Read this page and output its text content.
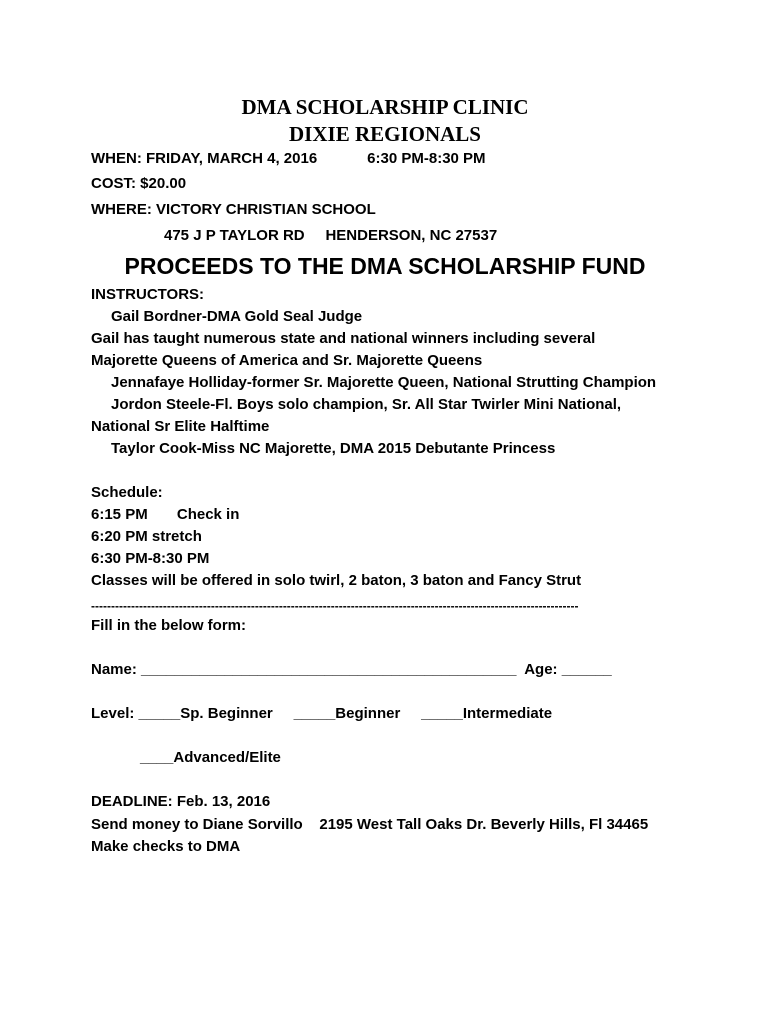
DMA SCHOLARSHIP CLINIC
DIXIE REGIONALS
WHEN: FRIDAY, MARCH 4, 2016            6:30 PM-8:30 PM
COST: $20.00
WHERE: VICTORY CHRISTIAN SCHOOL
475 J P TAYLOR RD     HENDERSON, NC 27537
PROCEEDS TO THE DMA SCHOLARSHIP FUND
INSTRUCTORS:
Gail Bordner-DMA Gold Seal Judge
Gail has taught numerous state and national winners including several
Majorette Queens of America and Sr. Majorette Queens
Jennafaye Holliday-former Sr. Majorette Queen, National Strutting Champion
Jordon Steele-Fl. Boys solo champion, Sr. All Star Twirler Mini National,
National Sr Elite Halftime
Taylor Cook-Miss NC Majorette, DMA 2015 Debutante Princess
Schedule:
6:15 PM       Check in
6:20 PM stretch
6:30 PM-8:30 PM
Classes will be offered in solo twirl, 2 baton, 3 baton and Fancy Strut
--------------------------------------------------------------------------------------------------------------------------
Fill in the below form:
Name: _____________________________________________  Age: ______
Level: _____Sp. Beginner     _____Beginner     _____Intermediate
____Advanced/Elite
DEADLINE: Feb. 13, 2016
Send money to Diane Sorvillo    2195 West Tall Oaks Dr. Beverly Hills, Fl 34465
Make checks to DMA
